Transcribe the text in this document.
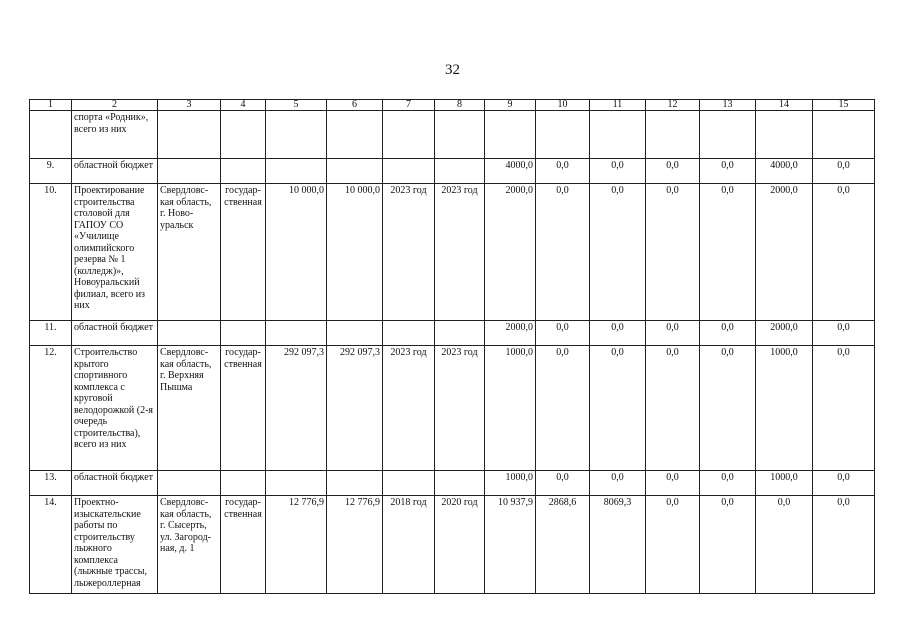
32
1	2	3	4	5	6	7	8	9	10	11	12	13	14	15
	спорта «Родник», всего из них													
9.	областной бюджет							4000,0	0,0	0,0	0,0	0,0	4000,0	0,0
10.	Проектирование строительства столовой для ГАПОУ СО «Училище олимпийского резерва № 1 (колледж)», Новоуральский филиал, всего из них	Свердловс-кая область, г. Ново-уральск	государ-ственная	10 000,0	10 000,0	2023 год	2023 год	2000,0	0,0	0,0	0,0	0,0	2000,0	0,0
11.	областной бюджет							2000,0	0,0	0,0	0,0	0,0	2000,0	0,0
12.	Строительство крытого спортивного комплекса с круговой велодорожкой (2-я очередь строительства), всего из них	Свердловс-кая область, г. Верхняя Пышма	государ-ственная	292 097,3	292 097,3	2023 год	2023 год	1000,0	0,0	0,0	0,0	0,0	1000,0	0,0
13.	областной бюджет							1000,0	0,0	0,0	0,0	0,0	1000,0	0,0
14.	Проектно-изыскательские работы по строительству лыжного комплекса (лыжные трассы, лыжероллерная	Свердловс-кая область, г. Сысерть, ул. Загород-ная, д. 1	государ-ственная	12 776,9	12 776,9	2018 год	2020 год	10 937,9	2868,6	8069,3	0,0	0,0	0,0	0,0
